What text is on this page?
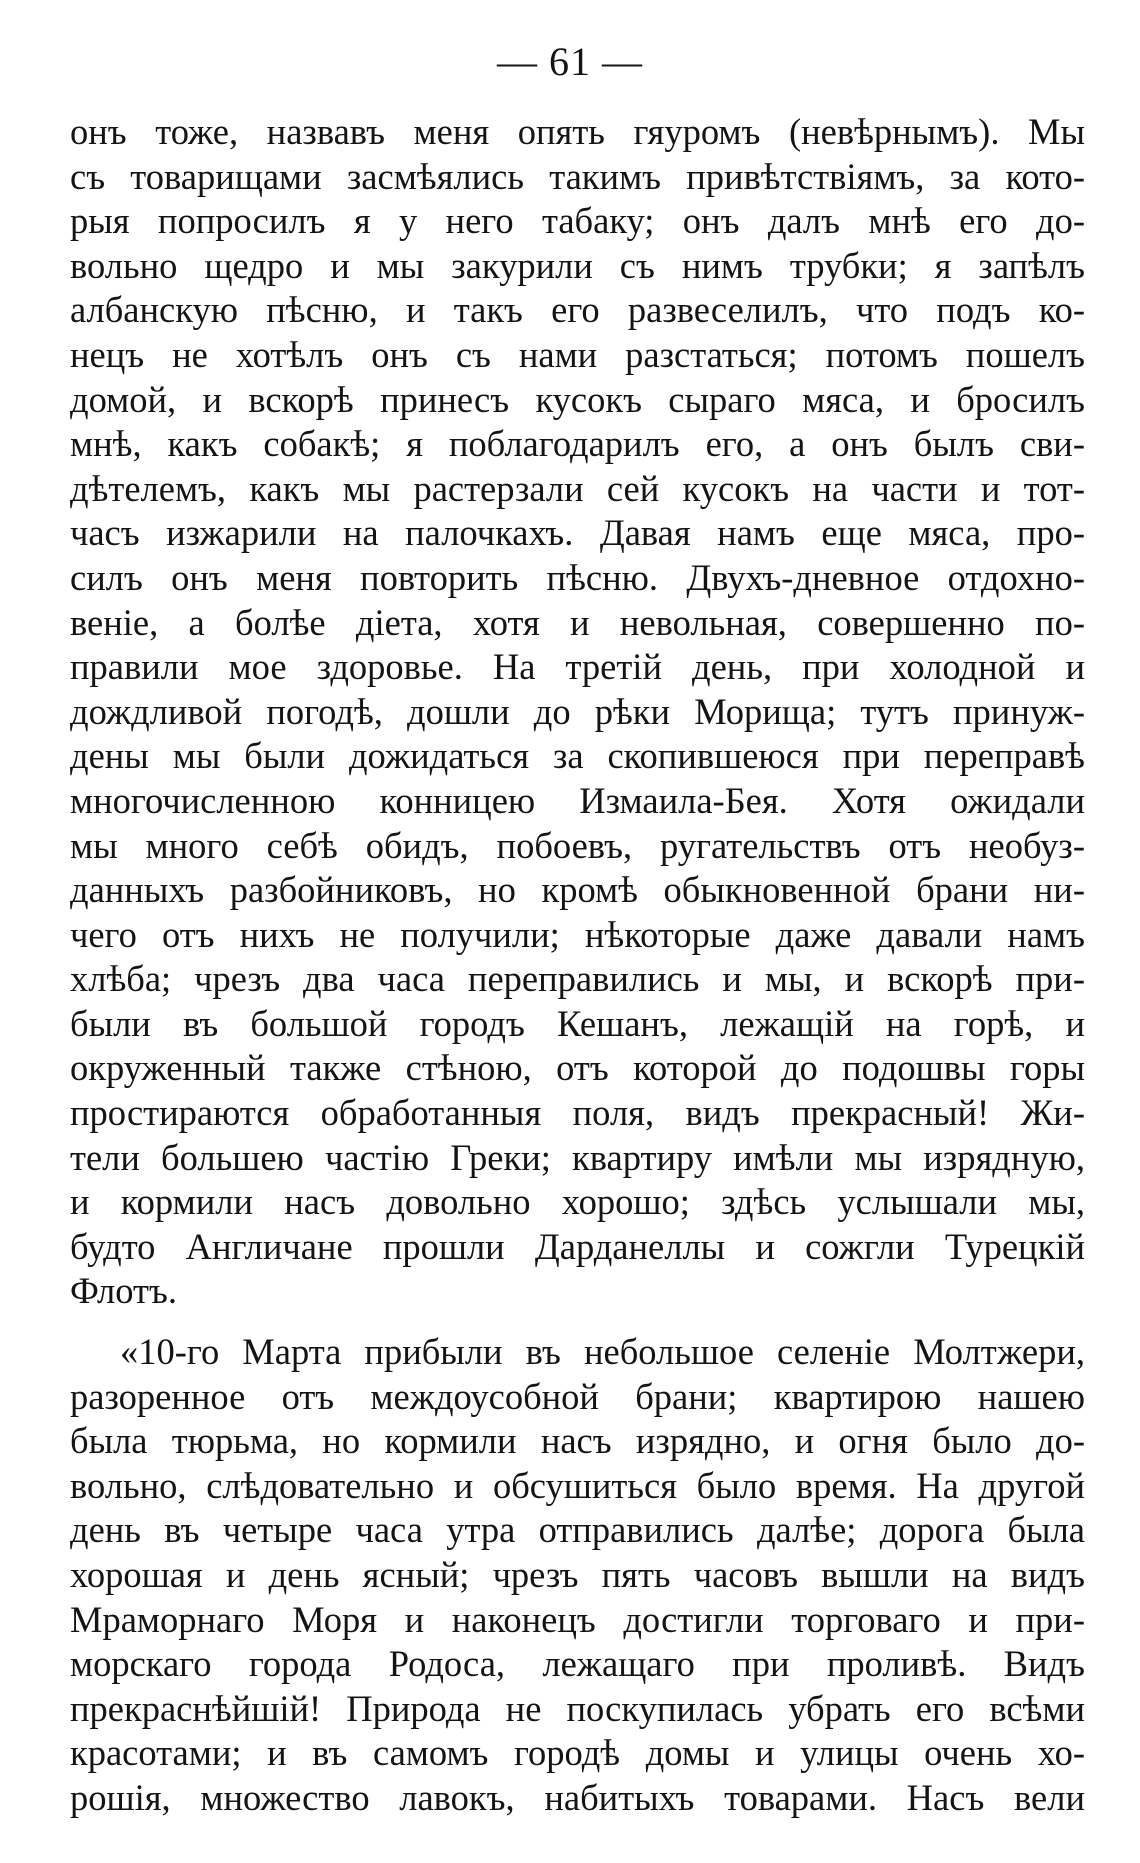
— 61 —
онъ тоже, назвавъ меня опять гяуромъ (невѣрнымъ). Мы
съ товарищами засмѣялись такимъ привѣтствіямъ, за кото-
рыя попросилъ я у него табаку; онъ далъ мнѣ его до-
вольно щедро и мы закурили съ нимъ трубки; я запѣлъ
албанскую пѣсню, и такъ его развеселилъ, что подъ ко-
нецъ не хотѣлъ онъ съ нами разстаться; потомъ пошелъ
домой, и вскорѣ принесъ кусокъ сыраго мяса, и бросилъ
мнѣ, какъ собакѣ; я поблагодарилъ его, а онъ былъ сви-
дѣтелемъ, какъ мы растерзали сей кусокъ на части и тот-
часъ изжарили на палочкахъ. Давая намъ еще мяса, про-
силъ онъ меня повторить пѣсню. Двухъ-дневное отдохно-
веніе, а болѣе діета, хотя и невольная, совершенно по-
правили мое здоровье. На третій день, при холодной и
дождливой погодѣ, дошли до рѣки Морища; тутъ принуж-
дены мы были дожидаться за скопившеюся при переправѣ
многочисленною конницею Измаила-Бея. Хотя ожидали
мы много себѣ обидъ, побоевъ, ругательствъ отъ необуз-
данныхъ разбойниковъ, но кромѣ обыкновенной брани ни-
чего отъ нихъ не получили; нѣкоторые даже давали намъ
хлѣба; чрезъ два часа переправились и мы, и вскорѣ при-
были въ большой городъ Кешанъ, лежащій на горѣ, и
окруженный также стѣною, отъ которой до подошвы горы
простираются обработанныя поля, видъ прекрасный! Жи-
тели большею частію Греки; квартиру имѣли мы изрядную,
и кормили насъ довольно хорошо; здѣсь услышали мы,
будто Англичане прошли Дарданеллы и сожгли Турецкій
Флотъ.
«10-го Марта прибыли въ небольшое селеніе Молтжери,
разоренное отъ междоусобной брани; квартирою нашею
была тюрьма, но кормили насъ изрядно, и огня было до-
вольно, слѣдовательно и обсушиться было время. На другой
день въ четыре часа утра отправились далѣе; дорога была
хорошая и день ясный; чрезъ пять часовъ вышли на видъ
Мраморнаго Моря и наконецъ достигли торговаго и при-
морскаго города Родоса, лежащаго при проливѣ. Видъ
прекраснѣйшій! Природа не поскупилась убрать его всѣми
красотами; и въ самомъ городѣ домы и улицы очень хо-
рошія, множество лавокъ, набитыхъ товарами. Насъ вели
